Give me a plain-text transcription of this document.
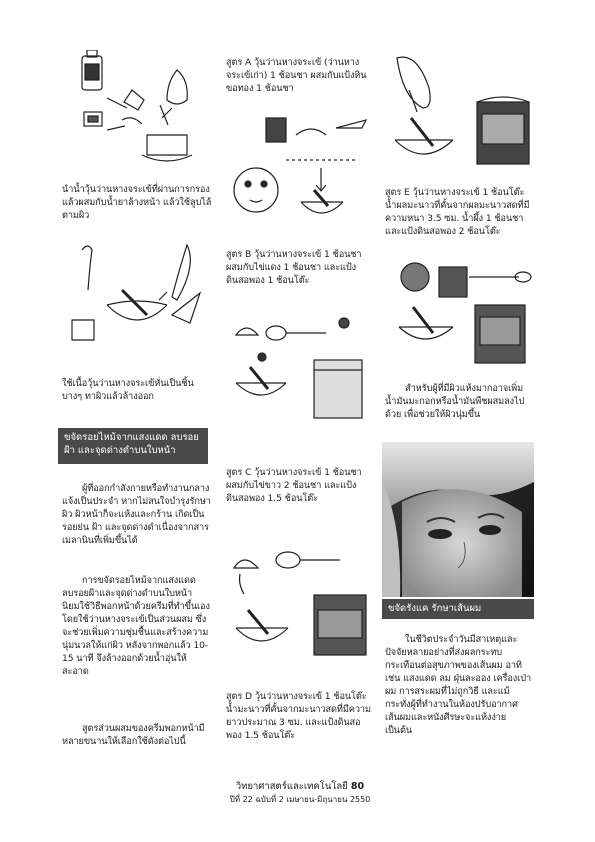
นำน้ำวุ้นว่านหางจระเข้ที่ผ่านการกรองแล้วผสมกับน้ำยาล้างหน้า แล้วใช้ลูบไล้ตามผิว
ใช้เนื้อวุ้นว่านหางจระเข้หั่นเป็นชิ้นบางๆ ทาผิวแล้วล้างออก
ขจัดรอยไหม้จากแสงแดด ลบรอยฝ้า และจุดด่างดำบนใบหน้า
ผู้ที่ออกกำลังกายหรือทำงานกลางแจ้งเป็นประจำ หากไม่สนใจบำรุงรักษาผิว ผิวหน้าก็จะแห้งและกร้าน เกิดเป็นรอยย่น ฝ้า และจุดด่างดำเนื่องจากสารเมลานินที่เพิ่มขึ้นได้
การขจัดรอยไหม้จากแสงแดด ลบรอยฝ้าและจุดด่างดำบนใบหน้า นิยมใช้วิธีพอกหน้าด้วยครีมที่ทำขึ้นเอง โดยใช้ว่านหางจระเข้เป็นส่วนผสม ซึ่งจะช่วยเพิ่มความชุ่มชื้นและสร้างความนุ่มนวลให้แก่ผิว หลังจากพอกแล้ว 10-15 นาที จึงล้างออกด้วยน้ำอุ่นให้สะอาด
สูตรส่วนผสมของครีมพอกหน้ามีหลายขนานให้เลือกใช้ดังต่อไปนี้
สูตร A วุ้นว่านหางจระเข้ (ว่านหางจระเข้เก่า) 1 ช้อนชา ผสมกับแป้งหินขอทอง 1 ช้อนชา
สูตร B วุ้นว่านหางจระเข้ 1 ช้อนชา ผสมกับไข่แดง 1 ช้อนชา และแป้งดินสอพอง 1 ช้อนโต๊ะ
สูตร C วุ้นว่านหางจระเข้ 1 ช้อนชา ผสมกับไข่ขาว 2 ช้อนชา และแป้งดินสอพอง 1.5 ช้อนโต๊ะ
สูตร D วุ้นว่านหางจระเข้ 1 ช้อนโต๊ะ น้ำมะนาวที่คั้นจากมะนาวสดที่มีความยาวประมาณ 3 ซม. และแป้งดินสอพอง 1.5 ช้อนโต๊ะ
สูตร E วุ้นว่านหางจระเข้ 1 ช้อนโต๊ะ น้ำผลมะนาวที่คั้นจากผลมะนาวสดที่มีความหนา 3.5 ซม. น้ำผึ้ง 1 ช้อนชา และแป้งดินสอพอง 2 ช้อนโต๊ะ
สำหรับผู้ที่มีผิวแห้งมากอาจเพิ่มน้ำมันมะกอกหรือน้ำมันพืชผสมลงไปด้วย เพื่อช่วยให้ผิวนุ่มขึ้น
ขจัดรังแค รักษาเส้นผม
ในชีวิตประจำวันมีสาเหตุและปัจจัยหลายอย่างที่ส่งผลกระทบกระเทือนต่อสุขภาพของเส้นผม อาทิ เช่น แสงแดด ลม ฝุ่นละออง เครื่องเป่าผม การสระผมที่ไม่ถูกวิธี และแม้กระทั่งผู้ที่ทำงานในห้องปรับอากาศ เส้นผมและหนังศีรษะจะแห้งง่าย เป็นต้น
วิทยาศาสตร์และเทคโนโลยี 80
ปีที่ 22 ฉบับที่ 2 เมษายน-มิถุนายน 2550
